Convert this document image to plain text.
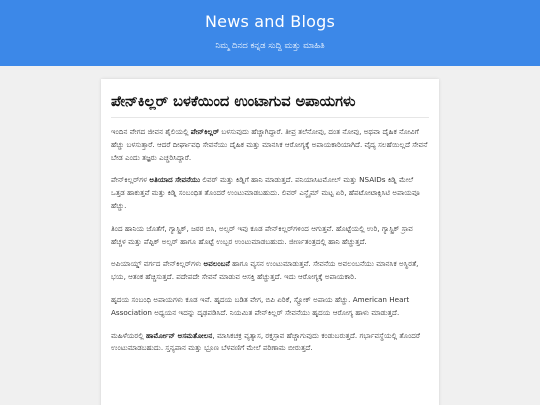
News and Blogs

ನಿಮ್ಮ ದಿನದ ಕನ್ನಡ ಸುದ್ದಿ ಮತ್ತು ಮಾಹಿತಿ

ಪೇನ್‌ಕಿಲ್ಲರ್ ಬಳಕೆಯಿಂದ ಉಂಟಾಗುವ ಅಪಾಯಗಳು

ಇಂದಿನ ವೇಗದ ಜೀವನ ಶೈಲಿಯಲ್ಲಿ ಪೇನ್‌ಕಿಲ್ಲರ್ ಬಳಸುವುದು ಹೆಚ್ಚಾಗಿದ್ದಾರೆ. ತೀವ್ರ ತಲೆನೋವು, ದಂತ ನೋವು, ಅಥವಾ ದೈಹಿಕ ನೋವಿಗೆ ಹೆಚ್ಚು ಬಳಸುತ್ತಾರೆ. ಆದರೆ ದೀರ್ಘಾವಧಿ ಸೇವನೆಯು ದೈಹಿಕ ಮತ್ತು ಮಾನಸಿಕ ಆರೋಗ್ಯಕ್ಕೆ ಅಪಾಯಕಾರಿಯಾಗಿದೆ. ವೈದ್ಯ ಸಲಹೆಯಿಲ್ಲದೆ ಸೇವನೆ ಬೇಡ ಎಂದು ತಜ್ಞರು ಎಚ್ಚರಿಸಿದ್ದಾರೆ.

ಪೇನ್‌ಕಿಲ್ಲರ್‌ಗಳ ಅತಿಯಾದ ಸೇವನೆಯು ಲಿವರ್ ಮತ್ತು ಕಿಡ್ನಿಗೆ ಹಾನಿ ಮಾಡುತ್ತದೆ. ಪನಿಯಾಸಿಟಮೋಲ್ ಮತ್ತು NSAIDs ಕಿಡ್ನಿ ಮೇಲೆ ಒತ್ತಡ ಹಾಕುತ್ತವೆ ಮತ್ತು ಕಿಡ್ನಿ ಸಂಬಂಧಿತ ತೊಂದರೆ ಉಂಟುಮಾಡಬಹುದು. ಲಿವರ್ ಎನ್ಜೈಮ್ ಮಟ್ಟ ಏರಿ, ಹೆಪಟೋಟಾಕ್ಸಿಸಿಟಿ ಅಪಾಯವೂ ಹೆಚ್ಚು.

ತಿಂದ ಹಾನಿಯ ಜೊತೆಗೆ, ಗ್ಯಾಸ್ಟ್ರಿಕ್, ಜಠರ ಬಿಸಿ, ಅಲ್ಸರ್ ಇವು ಕೂಡ ಪೇನ್‌ಕಿಲ್ಲರ್‌ಗಳಿಂದ ಆಗುತ್ತವೆ. ಹೊಟ್ಟೆಯಲ್ಲಿ ಉರಿ, ಗ್ಯಾಸ್ಟ್ರಿಕ್ ಸ್ರಾವ ಹೆಚ್ಚಳ ಮತ್ತು ಪೆಪ್ಟಿಕ್ ಅಲ್ಸರ್ ಹಾಗೂ ಹೊಟ್ಟೆ ಉಬ್ಬರ ಉಂಟುಮಾಡಬಹುದು. ಜೀರ್ಣತಂತ್ರದಲ್ಲಿ ಹಾನಿ ಹೆಚ್ಚುತ್ತದೆ.

ಅಪಿಯಾಯ್ಡ್ ವರ್ಗದ ಪೇನ್‌ಕಿಲ್ಲರ್‌ಗಳು ಅವಲಂಬನೆ ಹಾಗೂ ವ್ಯಸನ ಉಂಟುಮಾಡುತ್ತವೆ. ಸೇವನೆಯ ಅವಲಂಬನೆಯು ಮಾನಸಿಕ ಅಸ್ಥಿರತೆ, ಭಯ, ಆತಂಕ ಹೆಚ್ಚಿಸುತ್ತದೆ. ಪದೇಪದೇ ಸೇವನೆ ಮಾಡುವ ಆಸಕ್ತಿ ಹೆಚ್ಚುತ್ತದೆ. ಇದು ಆರೋಗ್ಯಕ್ಕೆ ಅಪಾಯಕಾರಿ.

ಹೃದಯ ಸಂಬಂಧಿ ಅಪಾಯಗಳು ಕೂಡ ಇವೆ. ಹೃದಯ ಬಡಿತ ವೇಗ, ಬಿಪಿ ಏರಿಕೆ, ಸ್ಟ್ರೋಕ್ ಅಪಾಯ ಹೆಚ್ಚು. American Heart Association ಅಧ್ಯಯನ ಇದನ್ನು ದೃಢಪಡಿಸಿದೆ. ನಿಯಮಿತ ಪೇನ್‌ಕಿಲ್ಲರ್ ಸೇವನೆಯು ಹೃದಯ ಆರೋಗ್ಯ ಹಾಳು ಮಾಡುತ್ತದೆ.

ಮಹಿಳೆಯರಲ್ಲಿ ಹಾರ್ಮೋನ್ ಅಸಮತೋಲನ, ಮಾಸಿಕಚಕ್ರ ವ್ಯತ್ಯಾಸ, ರಕ್ತಸ್ರಾವ ಹೆಚ್ಚಾಗುವುದು ಕಂಡುಬರುತ್ತದೆ. ಗರ್ಭಾವಸ್ಥೆಯಲ್ಲಿ ತೊಂದರೆ ಉಂಟುಮಾಡಬಹುದು. ಸ್ತನ್ಯಪಾನ ಮತ್ತು ಭ್ರೂಣ ಬೆಳವಣಿಗೆ ಮೇಲೆ ಪರಿಣಾಮ ಬೀರುತ್ತದೆ.
